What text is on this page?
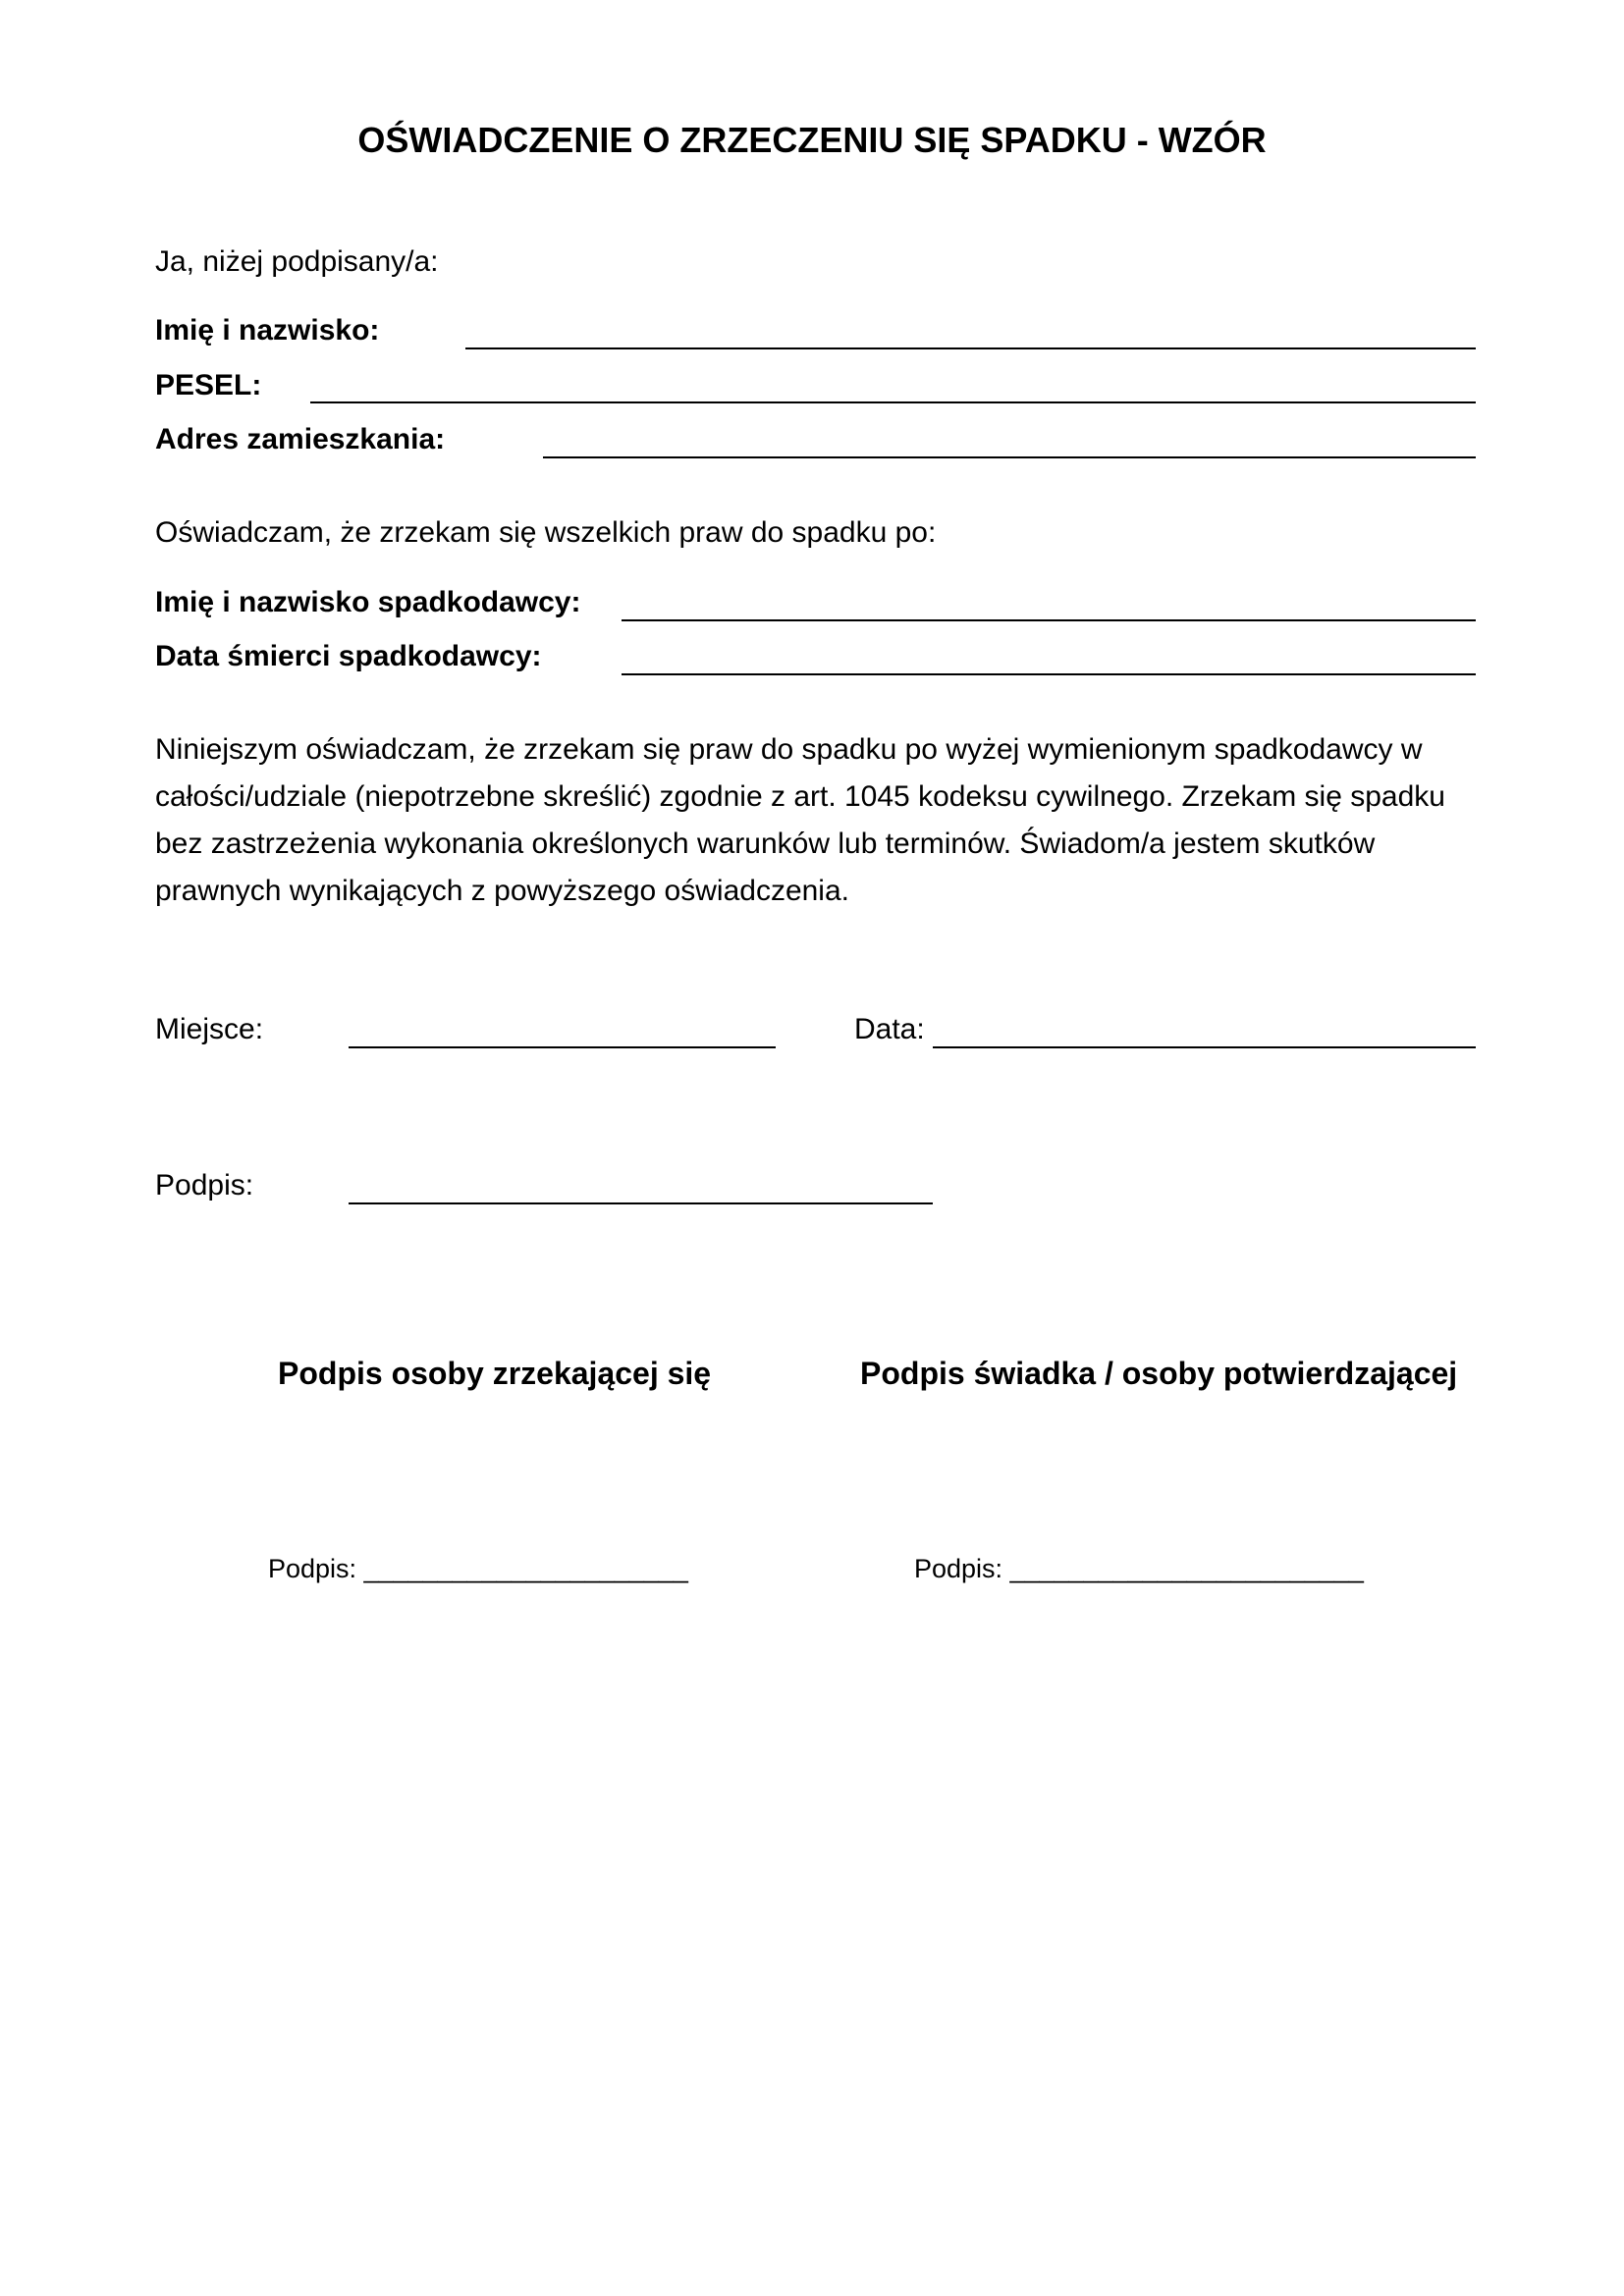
OŚWIADCZENIE O ZRZECZENIU SIĘ SPADKU - WZÓR
Ja, niżej podpisany/a:
Imię i nazwisko:
PESEL:
Adres zamieszkania:
Oświadczam, że zrzekam się wszelkich praw do spadku po:
Imię i nazwisko spadkodawcy:
Data śmierci spadkodawcy:
Niniejszym oświadczam, że zrzekam się praw do spadku po wyżej wymienionym spadkodawcy w
całości/udziale (niepotrzebne skreślić) zgodnie z art. 1045 kodeksu cywilnego. Zrzekam się spadku
bez zastrzeżenia wykonania określonych warunków lub terminów. Świadom/a jestem skutków
prawnych wynikających z powyższego oświadczenia.
Miejsce:	Data:
Podpis:
Podpis osoby zrzekającej się	Podpis świadka / osoby potwierdzającej
Podpis: ______________________	Podpis: ________________________
